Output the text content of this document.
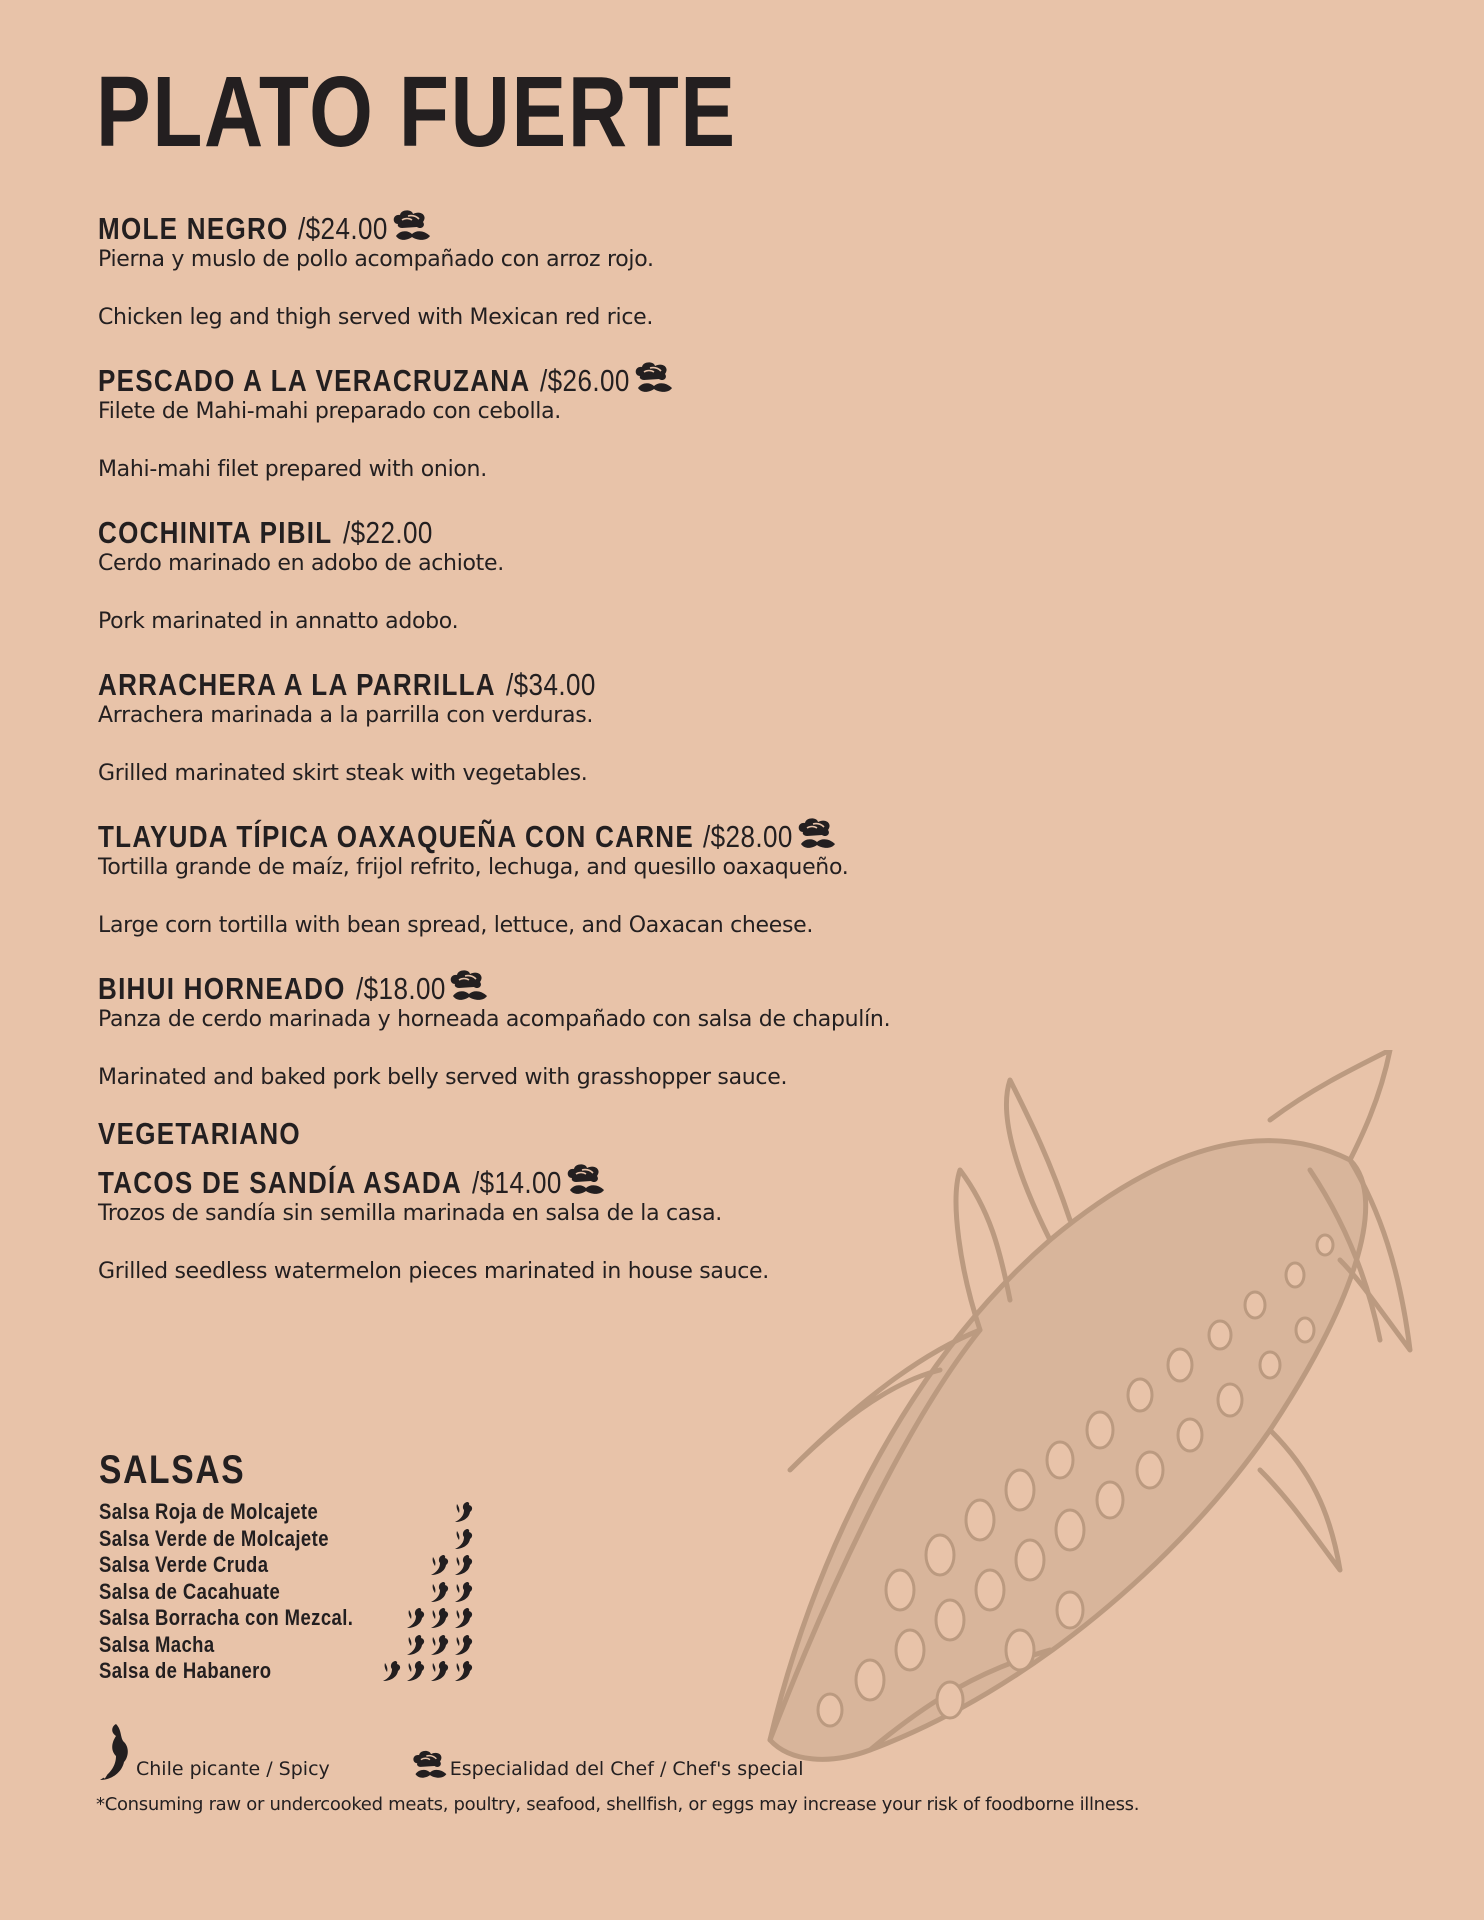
PLATO FUERTE
MOLE NEGRO /$24.00

Pierna y muslo de pollo acompañado con arroz rojo.

Chicken leg and thigh served with Mexican red rice.

PESCADO A LA VERACRUZANA /$26.00

Filete de Mahi-mahi preparado con cebolla.

Mahi-mahi filet prepared with onion.

COCHINITA PIBIL /$22.00

Cerdo marinado en adobo de achiote.

Pork marinated in annatto adobo.

ARRACHERA A LA PARRILLA /$34.00

Arrachera marinada a la parrilla con verduras.

Grilled marinated skirt steak with vegetables.

TLAYUDA TÍPICA OAXAQUEÑA CON CARNE /$28.00

Tortilla grande de maíz, frijol refrito, lechuga, and quesillo oaxaqueño.

Large corn tortilla with bean spread, lettuce, and Oaxacan cheese.

BIHUI HORNEADO /$18.00

Panza de cerdo marinada y horneada acompañado con salsa de chapulín.

Marinated and baked pork belly served with grasshopper sauce.

VEGETARIANO
TACOS DE SANDÍA ASADA /$14.00

Trozos de sandía sin semilla marinada en salsa de la casa.

Grilled seedless watermelon pieces marinated in house sauce.

SALSAS
Salsa Roja de Molcajete
Salsa Verde de Molcajete
Salsa Verde Cruda
Salsa de Cacahuate
Salsa Borracha con Mezcal.
Salsa Macha
Salsa de Habanero
Chile picante / Spicy	Especialidad del Chef / Chef's special
*Consuming raw or undercooked meats, poultry, seafood, shellfish, or eggs may increase your risk of foodborne illness.
